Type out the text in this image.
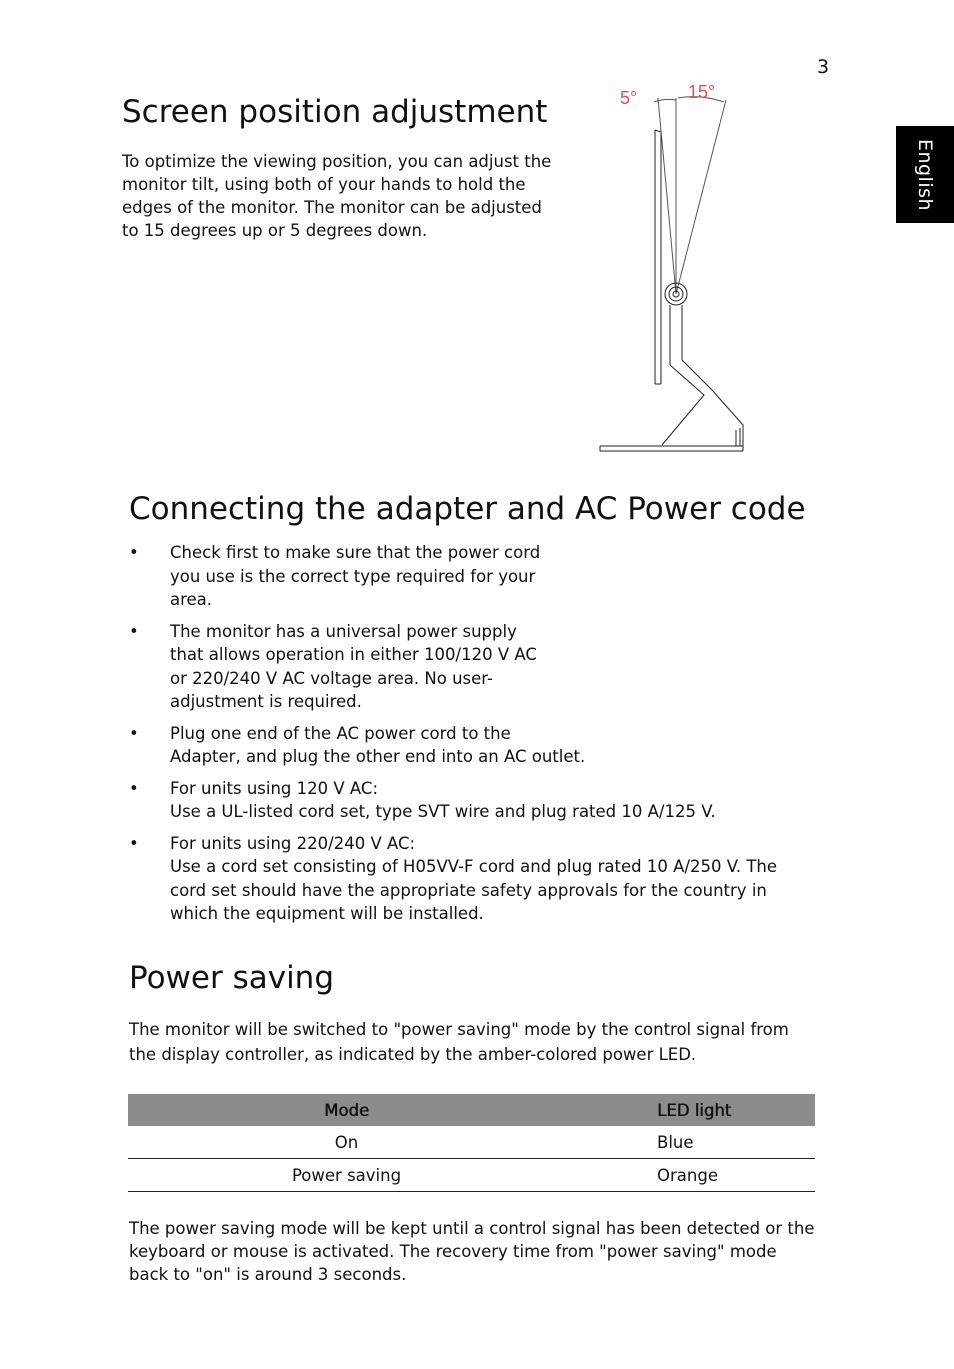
3
English
Screen position adjustment

To optimize the viewing position, you can adjust the monitor tilt, using both of your hands to hold the edges of the monitor. The monitor can be adjusted to 15 degrees up or 5 degrees down.

5°	15°
Connecting the adapter and AC Power code
• Check first to make sure that the power cord
you use is the correct type required for your
area.
• The monitor has a universal power supply
that allows operation in either 100/120 V AC
or 220/240 V AC voltage area. No user-
adjustment is required.
• Plug one end of the AC power cord to the
Adapter, and plug the other end into an AC outlet.
• For units using 120 V AC:
Use a UL-listed cord set, type SVT wire and plug rated 10 A/125 V.
• For units using 220/240 V AC:
Use a cord set consisting of H05VV-F cord and plug rated 10 A/250 V. The
cord set should have the appropriate safety approvals for the country in
which the equipment will be installed.
Power saving

The monitor will be switched to "power saving" mode by the control signal from the display controller, as indicated by the amber-colored power LED.

Mode	LED light
On	Blue
Power saving	Orange

The power saving mode will be kept until a control signal has been detected or the keyboard or mouse is activated. The recovery time from "power saving" mode back to "on" is around 3 seconds.
